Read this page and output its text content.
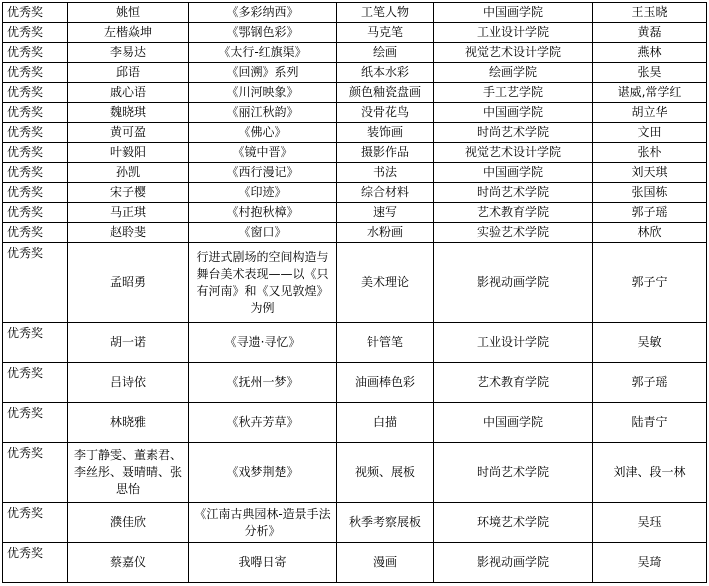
优秀奖	姚恒	《多彩纳西》	工笔人物	中国画学院	王玉晓
优秀奖	左楷焱坤	《鄂钢色彩》	马克笔	工业设计学院	黄磊
优秀奖	李易达	《太行-红旗渠》	绘画	视觉艺术设计学院	燕林
优秀奖	邱语	《回溯》系列	纸本水彩	绘画学院	张昊
优秀奖	戚心语	《川河映象》	颜色釉瓷盘画	手工艺学院	谌威,常学红
优秀奖	魏晓琪	《丽江秋韵》	没骨花鸟	中国画学院	胡立华
优秀奖	黄可盈	《佛心》	装饰画	时尚艺术学院	文田
优秀奖	叶毅阳	《镜中晋》	摄影作品	视觉艺术设计学院	张朴
优秀奖	孙凯	《西行漫记》	书法	中国画学院	刘天琪
优秀奖	宋子樱	《印迹》	综合材料	时尚艺术学院	张国栋
优秀奖	马正琪	《村抱秋樟》	速写	艺术教育学院	郭子瑶
优秀奖	赵聆斐	《窗口》	水粉画	实验艺术学院	林欣

优秀奖	孟昭勇	行进式剧场的空间构造与舞台美术表现——以《只有河南》和《又见敦煌》为例	美术理论	影视动画学院	郭子宁

优秀奖	胡一诺	《寻遗·寻忆》	针管笔	工业设计学院	吴敏

优秀奖	吕诗依	《抚州一梦》	油画棒色彩	艺术教育学院	郭子瑶

优秀奖	林晓雅	《秋卉芳草》	白描	中国画学院	陆青宁

优秀奖	李丁静雯、董素君、李丝彤、聂晴晴、张思怡	《戏梦荆楚》	视频、展板	时尚艺术学院	刘津、段一林

优秀奖	濮佳欣	《江南古典园林-造景手法分析》	秋季考察展板	环境艺术学院	吴珏

优秀奖	蔡嘉仪	我嘚日寄	漫画	影视动画学院	吴琦
